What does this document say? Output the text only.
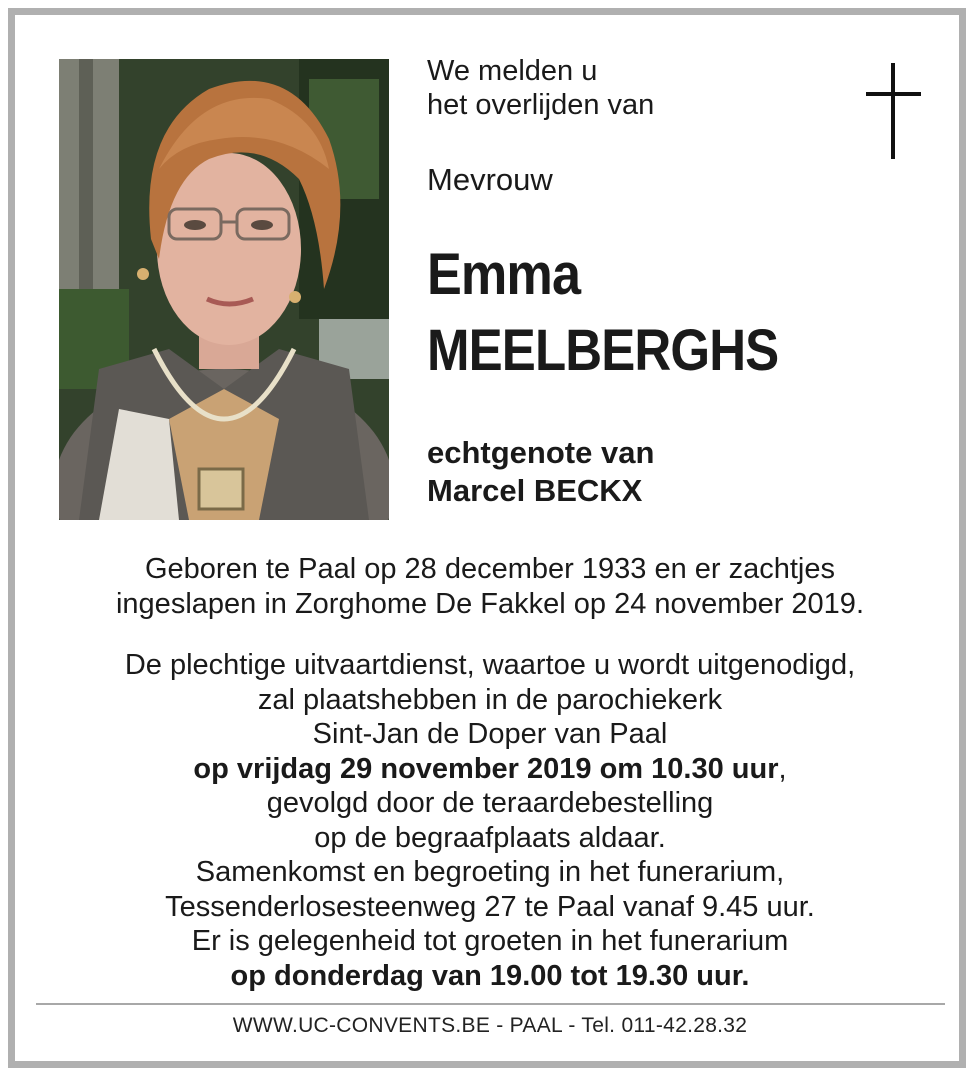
We melden u
het overlijden van
Mevrouw
Emma
MEELBERGHS
echtgenote van
Marcel BECKX
Geboren te Paal op 28 december 1933 en er zachtjes
ingeslapen in Zorghome De Fakkel op 24 november 2019.
De plechtige uitvaartdienst, waartoe u wordt uitgenodigd,
zal plaatshebben in de parochiekerk
Sint-Jan de Doper van Paal
op vrijdag 29 november 2019 om 10.30 uur,
gevolgd door de teraardebestelling
op de begraafplaats aldaar.
Samenkomst en begroeting in het funerarium,
Tessenderlosesteenweg 27 te Paal vanaf 9.45 uur.
Er is gelegenheid tot groeten in het funerarium
op donderdag van 19.00 tot 19.30 uur.
WWW.UC-CONVENTS.BE - PAAL - Tel. 011-42.28.32
